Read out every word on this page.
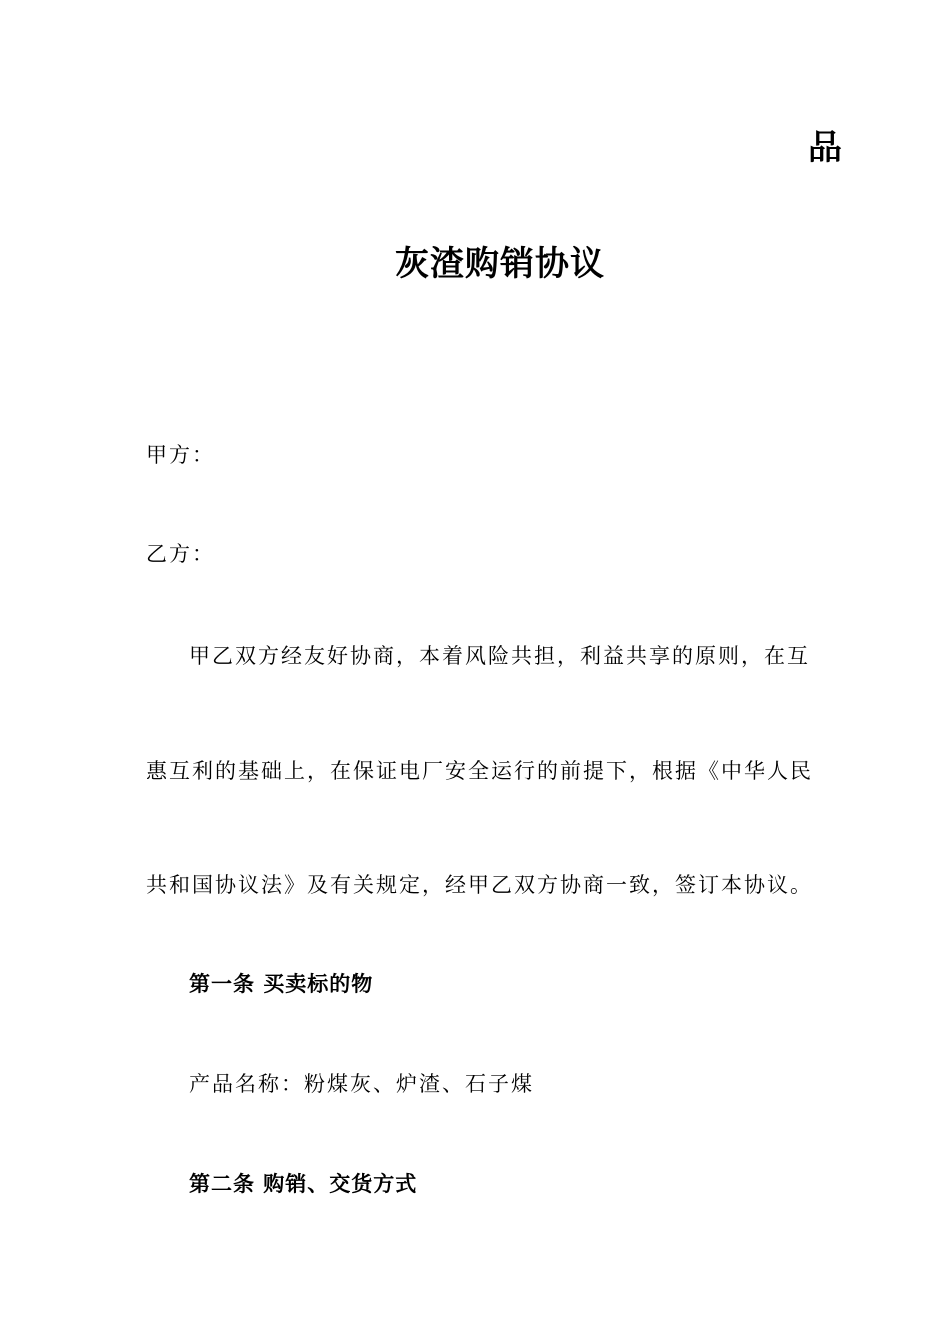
品
灰渣购销协议
甲方：
乙方：
甲乙双方经友好协商，本着风险共担，利益共享的原则，在互
惠互利的基础上，在保证电厂安全运行的前提下，根据《中华人民
共和国协议法》及有关规定，经甲乙双方协商一致，签订本协议。
第一条 买卖标的物
产品名称：粉煤灰、炉渣、石子煤
第二条 购销、交货方式
